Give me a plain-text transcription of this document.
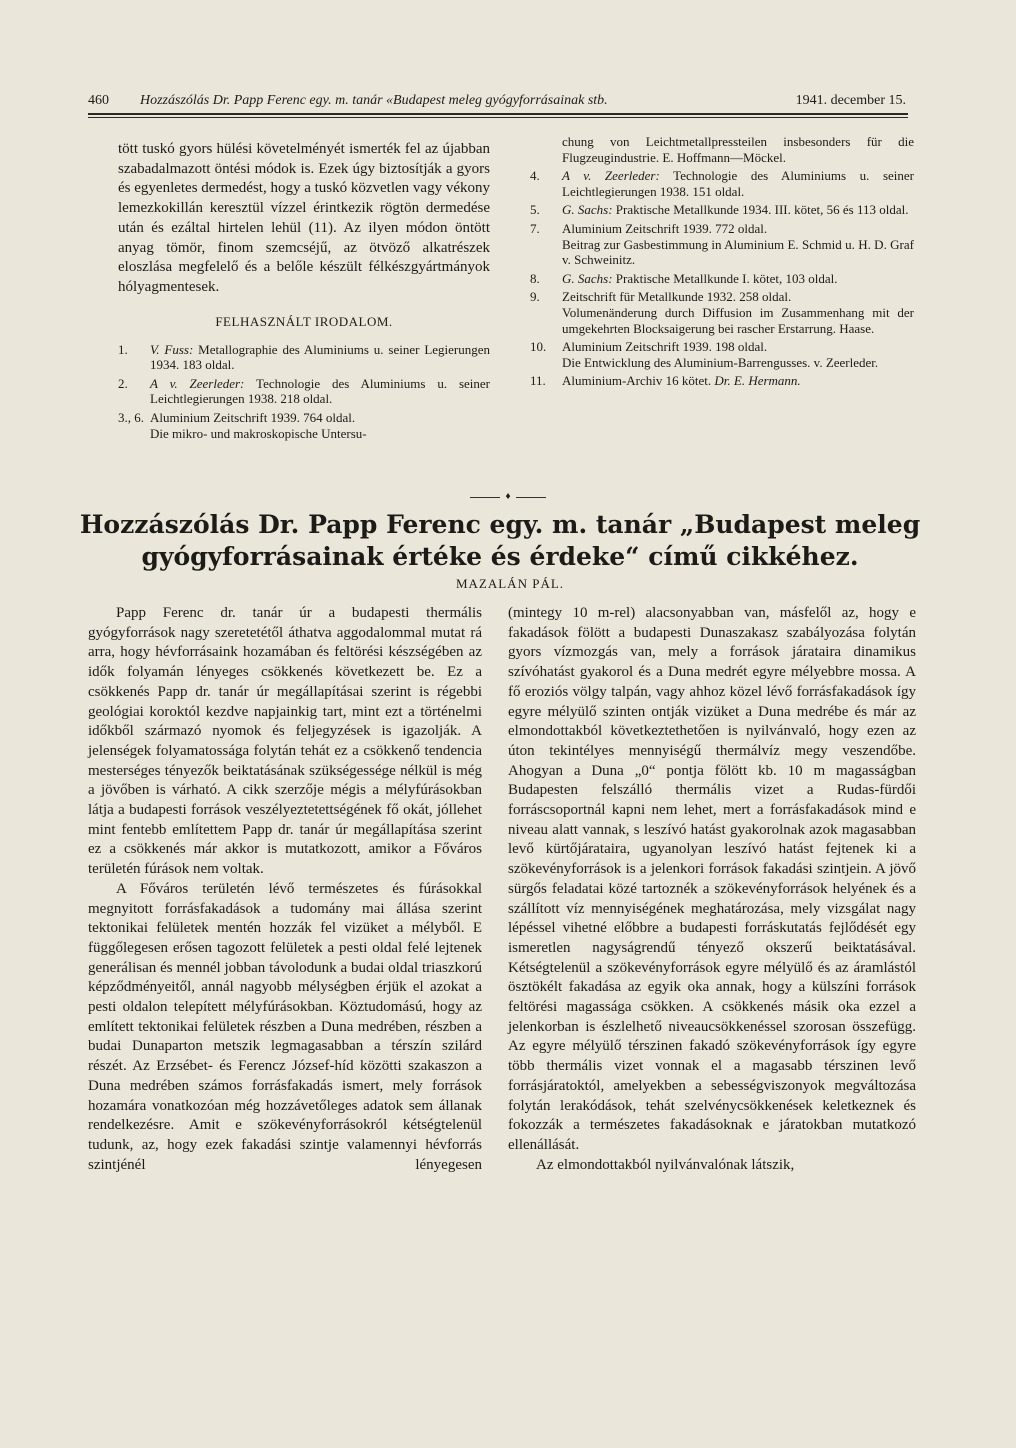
460 Hozzászólás Dr. Papp Ferenc egy. m. tanár «Budapest meleg gyógyforrásainak stb.	1941. december 15.

tött tuskó gyors hülési követelményét ismerték fel az újabban szabadalmazott öntési módok is. Ezek úgy biztosítják a gyors és egyenletes dermedést, hogy a tuskó közvetlen vagy vékony lemezkokillán keresztül vízzel érintkezik rögtön dermedése után és ezáltal hirtelen lehül (11). Az ilyen módon öntött anyag tömör, finom szemcséjű, az ötvöző alkatrészek eloszlása megfelelő és a belőle készült félkészgyártmányok hólyagmentesek.

FELHASZNÁLT IRODALOM.
1.	V. Fuss: Metallographie des Aluminiums u. seiner Legierungen 1934. 183 oldal.
2.	A v. Zeerleder: Technologie des Aluminiums u. seiner Leichtlegierungen 1938. 218 oldal.
3., 6. Aluminium Zeitschrift 1939. 764 oldal.
Die mikro- und makroskopische Untersu-
chung von Leichtmetallpressteilen insbesonders für die Flugzeugindustrie. E. Hoffmann—Möckel.
4.	A v. Zeerleder: Technologie des Aluminiums u. seiner Leichtlegierungen 1938. 151 oldal.
5.	G. Sachs: Praktische Metallkunde 1934. III. kötet, 56 és 113 oldal.
7.	Aluminium Zeitschrift 1939. 772 oldal.
Beitrag zur Gasbestimmung in Aluminium E. Schmid u. H. D. Graf v. Schweinitz.
8.	G. Sachs: Praktische Metallkunde I. kötet, 103 oldal.
9.	Zeitschrift für Metallkunde 1932. 258 oldal.
Volumenänderung durch Diffusion im Zusammenhang mit der umgekehrten Blocksaigerung bei rascher Erstarrung. Haase.
10.	Aluminium Zeitschrift 1939. 198 oldal.
Die Entwicklung des Aluminium-Barrengusses. v. Zeerleder.
11.	Aluminium-Archiv 16 kötet. Dr. E. Hermann.
♦
Hozzászólás Dr. Papp Ferenc egy. m. tanár „Budapest meleg
gyógyforrásainak értéke és érdeke“ című cikkéhez.
MAZALÁN PÁL.

Papp Ferenc dr. tanár úr a budapesti thermális gyógyforrások nagy szeretetétől áthatva aggodalommal mutat rá arra, hogy hévforrásaink hozamában és feltörési készségében az idők folyamán lényeges csökkenés következett be. Ez a csökkenés Papp dr. tanár úr megállapításai szerint is régebbi geológiai koroktól kezdve napjainkig tart, mint ezt a történelmi időkből származó nyomok és feljegyzések is igazolják. A jelenségek folyamatossága folytán tehát ez a csökkenő tendencia mesterséges tényezők beiktatásának szükségessége nélkül is még a jövőben is várható. A cikk szerzője mégis a mélyfúrásokban látja a budapesti források veszélyeztetettségének fő okát, jóllehet mint fentebb említettem Papp dr. tanár úr megállapítása szerint ez a csökkenés már akkor is mutatkozott, amikor a Főváros területén fúrások nem voltak.

A Főváros területén lévő természetes és fúrásokkal megnyitott forrásfakadások a tudomány mai állása szerint tektonikai felületek mentén hozzák fel vizüket a mélyből. E függőlegesen erősen tagozott felületek a pesti oldal felé lejtenek generálisan és mennél jobban távolodunk a budai oldal triaszkorú képződményeitől, annál nagyobb mélységben érjük el azokat a pesti oldalon telepített mélyfúrásokban. Köztudomású, hogy az említett tektonikai felületek részben a Duna medrében, részben a budai Dunaparton metszik legmagasabban a térszín szilárd részét. Az Erzsébet- és Ferencz József-híd közötti szakaszon a Duna medrében számos forrásfakadás ismert, mely források hozamára vonatkozóan még hozzávetőleges adatok sem állanak rendelkezésre. Amit e szökevényforrásokról kétségtelenül tudunk, az, hogy ezek fakadási szintje valamennyi hévforrás szintjénél lényegesen

(mintegy 10 m-rel) alacsonyabban van, másfelől az, hogy e fakadások fölött a budapesti Dunaszakasz szabályozása folytán gyors vízmozgás van, mely a források járataira dinamikus szívóhatást gyakorol és a Duna medrét egyre mélyebbre mossa. A fő eroziós völgy talpán, vagy ahhoz közel lévő forrásfakadások így egyre mélyülő szinten ontják vizüket a Duna medrébe és már az elmondottakból következtethetően is nyilvánvaló, hogy ezen az úton tekintélyes mennyiségű thermálvíz megy veszendőbe. Ahogyan a Duna „0“ pontja fölött kb. 10 m magasságban Budapesten felszálló thermális vizet a Rudas-fürdői forráscsoportnál kapni nem lehet, mert a forrásfakadások mind e niveau alatt vannak, s leszívó hatást gyakorolnak azok magasabban levő kürtőjárataira, ugyanolyan leszívó hatást fejtenek ki a szökevényforrások is a jelenkori források fakadási szintjein. A jövő sürgős feladatai közé tartoznék a szökevényforrások helyének és a szállított víz mennyiségének meghatározása, mely vizsgálat nagy lépéssel vihetné előbbre a budapesti forráskutatás fejlődését egy ismeretlen nagyságrendű tényező okszerű beiktatásával. Kétségtelenül a szökevényforrások egyre mélyülő és az áramlástól ösztökélt fakadása az egyik oka annak, hogy a külszíni források feltörési magassága csökken. A csökkenés másik oka ezzel a jelenkorban is észlelhető niveaucsökkenéssel szorosan összefügg. Az egyre mélyülő térszinen fakadó szökevényforrások így egyre több thermális vizet vonnak el a magasabb térszinen levő forrásjáratoktól, amelyekben a sebességviszonyok megváltozása folytán lerakódások, tehát szelvénycsökkenések keletkeznek és fokozzák a természetes fakadásoknak e járatokban mutatkozó ellenállását.

Az elmondottakból nyilvánvalónak látszik,
